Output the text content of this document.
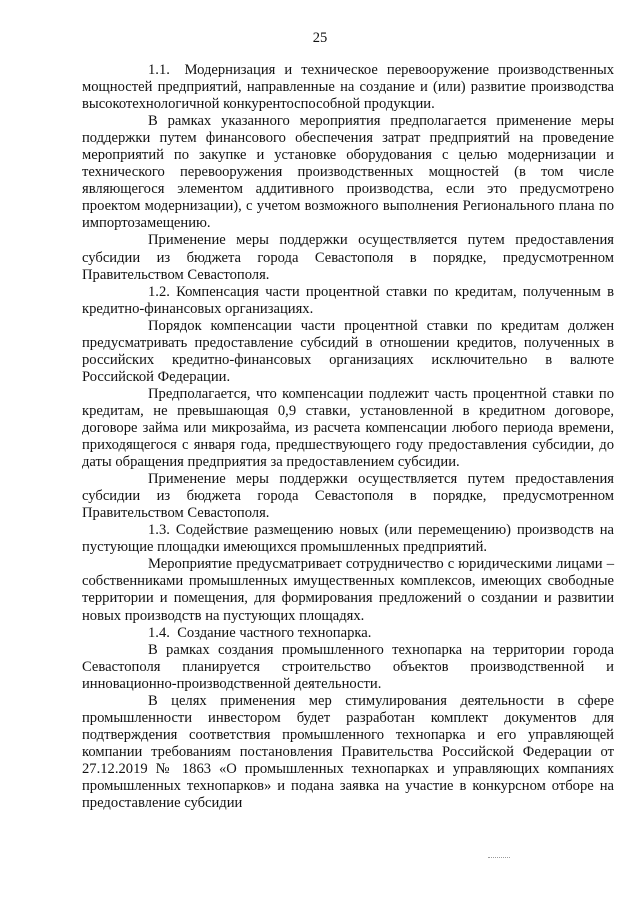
25

1.1. Модернизация и техническое перевооружение производственных мощностей предприятий, направленные на создание и (или) развитие производства высокотехнологичной конкурентоспособной продукции.

В рамках указанного мероприятия предполагается применение меры поддержки путем финансового обеспечения затрат предприятий на проведение мероприятий по закупке и установке оборудования с целью модернизации и технического перевооружения производственных мощностей (в том числе являющегося элементом аддитивного производства, если это предусмотрено проектом модернизации), с учетом возможного выполнения Регионального плана по импортозамещению.

Применение меры поддержки осуществляется путем предоставления субсидии из бюджета города Севастополя в порядке, предусмотренном Правительством Севастополя.

1.2. Компенсация части процентной ставки по кредитам, полученным в кредитно-финансовых организациях.

Порядок компенсации части процентной ставки по кредитам должен предусматривать предоставление субсидий в отношении кредитов, полученных в российских кредитно-финансовых организациях исключительно в валюте Российской Федерации.

Предполагается, что компенсации подлежит часть процентной ставки по кредитам, не превышающая 0,9 ставки, установленной в кредитном договоре, договоре займа или микрозайма, из расчета компенсации любого периода времени, приходящегося с января года, предшествующего году предоставления субсидии, до даты обращения предприятия за предоставлением субсидии.

Применение меры поддержки осуществляется путем предоставления субсидии из бюджета города Севастополя в порядке, предусмотренном Правительством Севастополя.

1.3. Содействие размещению новых (или перемещению) производств на пустующие площадки имеющихся промышленных предприятий.

Мероприятие предусматривает сотрудничество с юридическими лицами – собственниками промышленных имущественных комплексов, имеющих свободные территории и помещения, для формирования предложений о создании и развитии новых производств на пустующих площадях.

1.4. Создание частного технопарка.

В рамках создания промышленного технопарка на территории города Севастополя планируется строительство объектов производственной и инновационно-производственной деятельности.

В целях применения мер стимулирования деятельности в сфере промышленности инвестором будет разработан комплект документов для подтверждения соответствия промышленного технопарка и его управляющей компании требованиям постановления Правительства Российской Федерации от 27.12.2019 № 1863 «О промышленных технопарках и управляющих компаниях промышленных технопарков» и подана заявка на участие в конкурсном отборе на предоставление субсидии
